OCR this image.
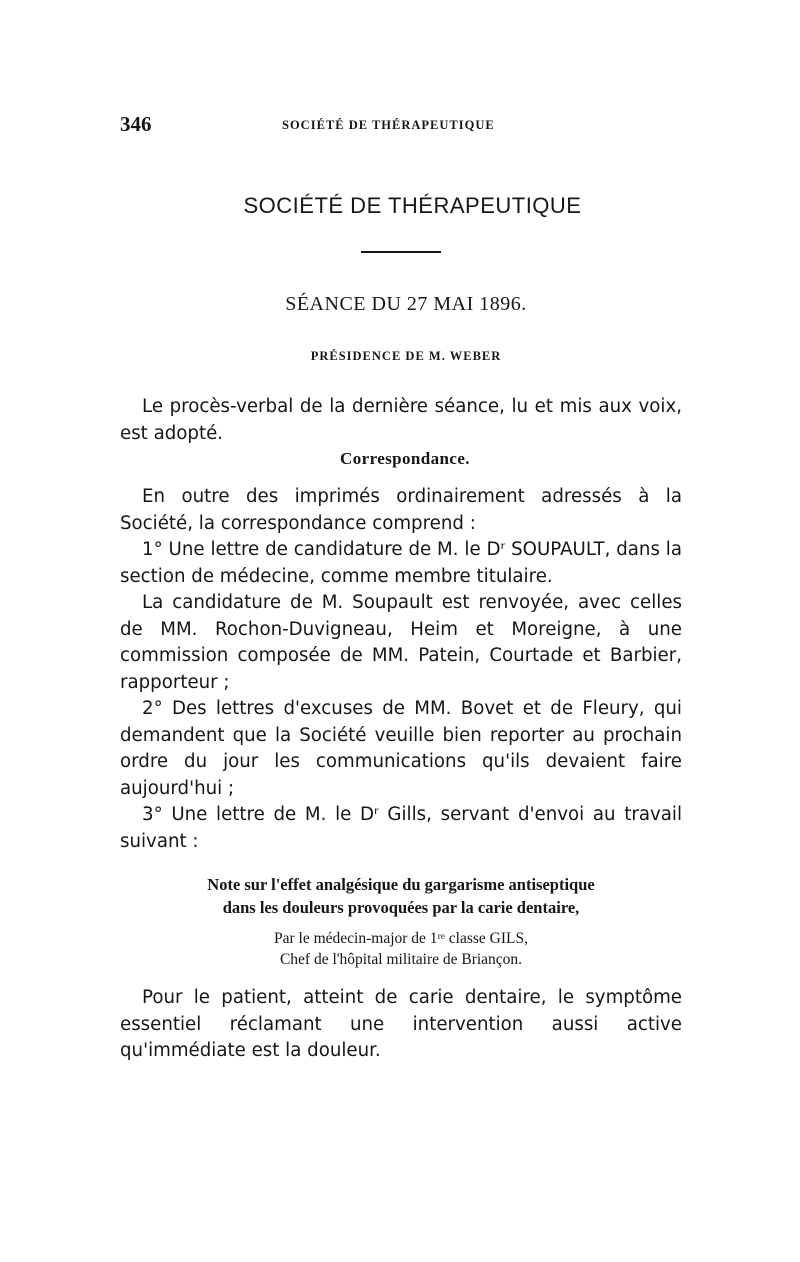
346	SOCIÉTÉ DE THÉRAPEUTIQUE
SOCIÉTÉ DE THÉRAPEUTIQUE
SÉANCE DU 27 MAI 1896.
PRÉSIDENCE DE M. WEBER

Le procès-verbal de la dernière séance, lu et mis aux voix, est adopté.

Correspondance.

En outre des imprimés ordinairement adressés à la Société, la correspondance comprend :

1° Une lettre de candidature de M. le Dʳ SOUPAULT, dans la section de médecine, comme membre titulaire.

La candidature de M. Soupault est renvoyée, avec celles de MM. Rochon-Duvigneau, Heim et Moreigne, à une commission composée de MM. Patein, Courtade et Barbier, rapporteur ;

2° Des lettres d'excuses de MM. Bovet et de Fleury, qui demandent que la Société veuille bien reporter au prochain ordre du jour les communications qu'ils devaient faire aujourd'hui ;

3° Une lettre de M. le Dʳ Gills, servant d'envoi au travail suivant :

Note sur l'effet analgésique du gargarisme antiseptique
dans les douleurs provoquées par la carie dentaire,
Par le médecin-major de 1ʳᵉ classe GILS,
Chef de l'hôpital militaire de Briançon.

Pour le patient, atteint de carie dentaire, le symptôme essentiel réclamant une intervention aussi active qu'immédiate est la douleur.
